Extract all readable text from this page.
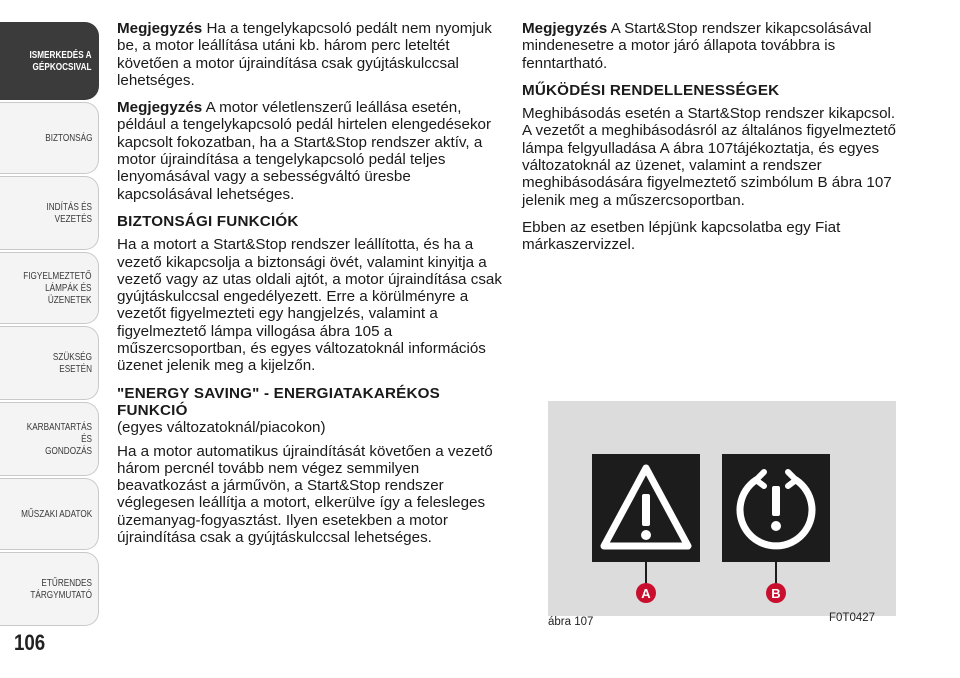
ISMERKEDÉS A
GÉPKOCSIVAL
BIZTONSÁG
INDÍTÁS ÉS VEZETÉS
FIGYELMEZTETŐ
LÁMPÁK ÉS
ÜZENETEK
SZÜKSÉG ESETÉN
KARBANTARTÁS ÉS
GONDOZÁS
MŰSZAKI ADATOK
ETŰRENDES
TÁRGYMUTATÓ
106

Megjegyzés Ha a tengelykapcsoló pedált nem nyomjuk be, a motor leállítása utáni kb. három perc leteltét követően a motor újraindítása csak gyújtáskulccsal lehetséges.

Megjegyzés A motor véletlenszerű leállása esetén, például a tengelykapcsoló pedál hirtelen elengedésekor kapcsolt fokozatban, ha a Start&Stop rendszer aktív, a motor újraindítása a tengelykapcsoló pedál teljes lenyomásával vagy a sebességváltó üresbe kapcsolásával lehetséges.

BIZTONSÁGI FUNKCIÓK

Ha a motort a Start&Stop rendszer leállította, és ha a vezető kikapcsolja a biztonsági övét, valamint kinyitja a vezető vagy az utas oldali ajtót, a motor újraindítása csak gyújtáskulccsal engedélyezett. Erre a körülményre a vezetőt figyelmezteti egy hangjelzés, valamint a figyelmeztető lámpa villogása ábra 105 a műszercsoportban, és egyes változatoknál információs üzenet jelenik meg a kijelzőn.

"ENERGY SAVING" - ENERGIATAKARÉKOS FUNKCIÓ

(egyes változatoknál/piacokon)

Ha a motor automatikus újraindítását követően a vezető három percnél tovább nem végez semmilyen beavatkozást a járművön, a Start&Stop rendszer véglegesen leállítja a motort, elkerülve így a felesleges üzemanyag-fogyasztást. Ilyen esetekben a motor újraindítása csak a gyújtáskulccsal lehetséges.

Megjegyzés A Start&Stop rendszer kikapcsolásával mindenesetre a motor járó állapota továbbra is fenntartható.

MŰKÖDÉSI RENDELLENESSÉGEK

Meghibásodás esetén a Start&Stop rendszer kikapcsol. A vezetőt a meghibásodásról az általános figyelmeztető lámpa felgyulladása A ábra 107tájékoztatja, és egyes változatoknál az üzenet, valamint a rendszer meghibásodására figyelmeztető szimbólum B ábra 107 jelenik meg a műszercsoportban.

Ebben az esetben lépjünk kapcsolatba egy Fiat márkaszervizzel.

A	B
ábra 107	F0T0427
